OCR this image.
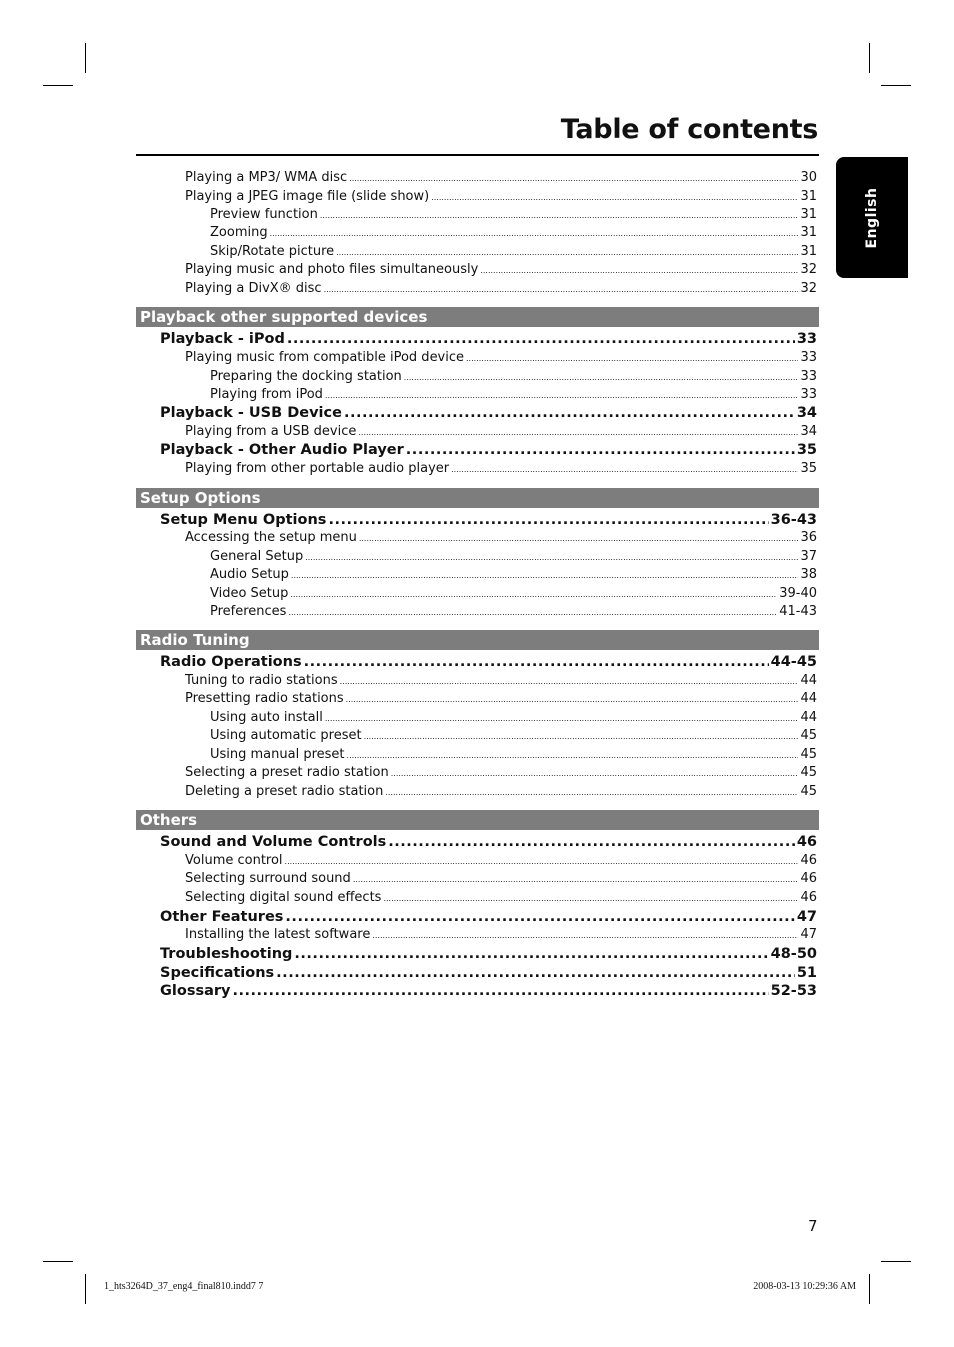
Table of contents
English
Playing a MP3/ WMA disc .....	30
Playing a JPEG image file (slide show) .....	31
Preview function .....	31
Zooming .....	31
Skip/Rotate picture .....	31
Playing music and photo files simultaneously .....	32
Playing a DivX® disc .....	32
Playback other supported devices
Playback - iPod .....	33
Playing music from compatible iPod device .....	33
Preparing the docking station .....	33
Playing from iPod .....	33
Playback - USB Device .....	34
Playing from a USB device .....	34
Playback - Other Audio Player .....	35
Playing from other portable audio player .....	35
Setup Options
Setup Menu Options .....	36-43
Accessing the setup menu .....	36
General Setup .....	37
Audio Setup .....	38
Video Setup .....	39-40
Preferences .....	41-43
Radio Tuning
Radio Operations .....	44-45
Tuning to radio stations .....	44
Presetting radio stations .....	44
Using auto install .....	44
Using automatic preset .....	45
Using manual preset .....	45
Selecting a preset radio station .....	45
Deleting a preset radio station .....	45
Others
Sound and Volume Controls .....	46
Volume control .....	46
Selecting surround sound .....	46
Selecting digital sound effects .....	46
Other Features .....	47
Installing the latest software .....	47
Troubleshooting .....	48-50
Specifications .....	51
Glossary .....	52-53
7
1_hts3264D_37_eng4_final810.indd7 7	2008-03-13 10:29:36 AM
